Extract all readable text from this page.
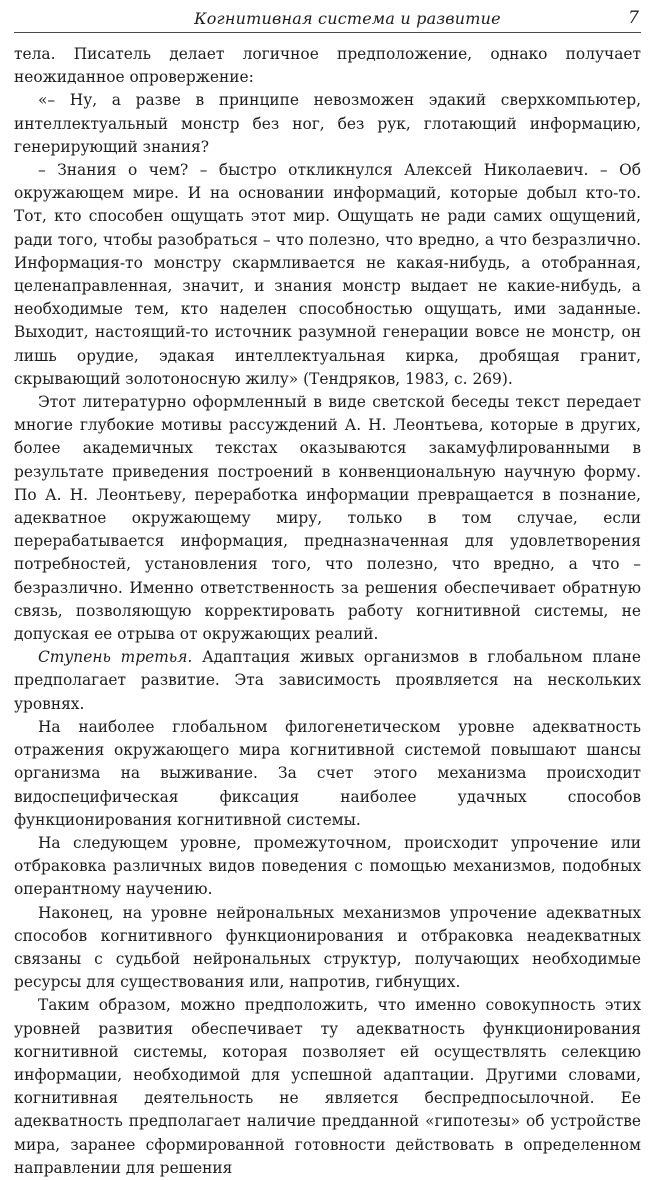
Когнитивная система и развитие	7

тела. Писатель делает логичное предположение, однако получает неожиданное опровержение:

«– Ну, а разве в принципе невозможен эдакий сверхкомпьютер, интеллектуальный монстр без ног, без рук, глотающий информацию, генерирующий знания?

– Знания о чем? – быстро откликнулся Алексей Николаевич. – Об окружающем мире. И на основании информаций, которые добыл кто-то. Тот, кто способен ощущать этот мир. Ощущать не ради самих ощущений, ради того, чтобы разобраться – что полезно, что вредно, а что безразлично. Информация-то монстру скармливается не какая-нибудь, а отобранная, целенаправленная, значит, и знания монстр выдает не какие-нибудь, а необходимые тем, кто наделен способностью ощущать, ими заданные. Выходит, настоящий-то источник разумной генерации вовсе не монстр, он лишь орудие, эдакая интеллектуальная кирка, дробящая гранит, скрывающий золотоносную жилу» (Тендряков, 1983, с. 269).

Этот литературно оформленный в виде светской беседы текст передает многие глубокие мотивы рассуждений А. Н. Леонтьева, которые в других, более академичных текстах оказываются закамуфлированными в результате приведения построений в конвенциональную научную форму. По А. Н. Леонтьеву, переработка информации превращается в познание, адекватное окружающему миру, только в том случае, если перерабатывается информация, предназначенная для удовлетворения потребностей, установления того, что полезно, что вредно, а что – безразлично. Именно ответственность за решения обеспечивает обратную связь, позволяющую корректировать работу когнитивной системы, не допуская ее отрыва от окружающих реалий.

Ступень третья. Адаптация живых организмов в глобальном плане предполагает развитие. Эта зависимость проявляется на нескольких уровнях.

На наиболее глобальном филогенетическом уровне адекватность отражения окружающего мира когнитивной системой повышают шансы организма на выживание. За счет этого механизма происходит видоспецифическая фиксация наиболее удачных способов функционирования когнитивной системы.

На следующем уровне, промежуточном, происходит упрочение или отбраковка различных видов поведения с помощью механизмов, подобных оперантному научению.

Наконец, на уровне нейрональных механизмов упрочение адекватных способов когнитивного функционирования и отбраковка неадекватных связаны с судьбой нейрональных структур, получающих необходимые ресурсы для существования или, напротив, гибнущих.

Таким образом, можно предположить, что именно совокупность этих уровней развития обеспечивает ту адекватность функционирования когнитивной системы, которая позволяет ей осуществлять селекцию информации, необходимой для успешной адаптации. Другими словами, когнитивная деятельность не является беспредпосылочной. Ее адекватность предполагает наличие предданной «гипотезы» об устройстве мира, заранее сформированной готовности действовать в определенном направлении для решения
